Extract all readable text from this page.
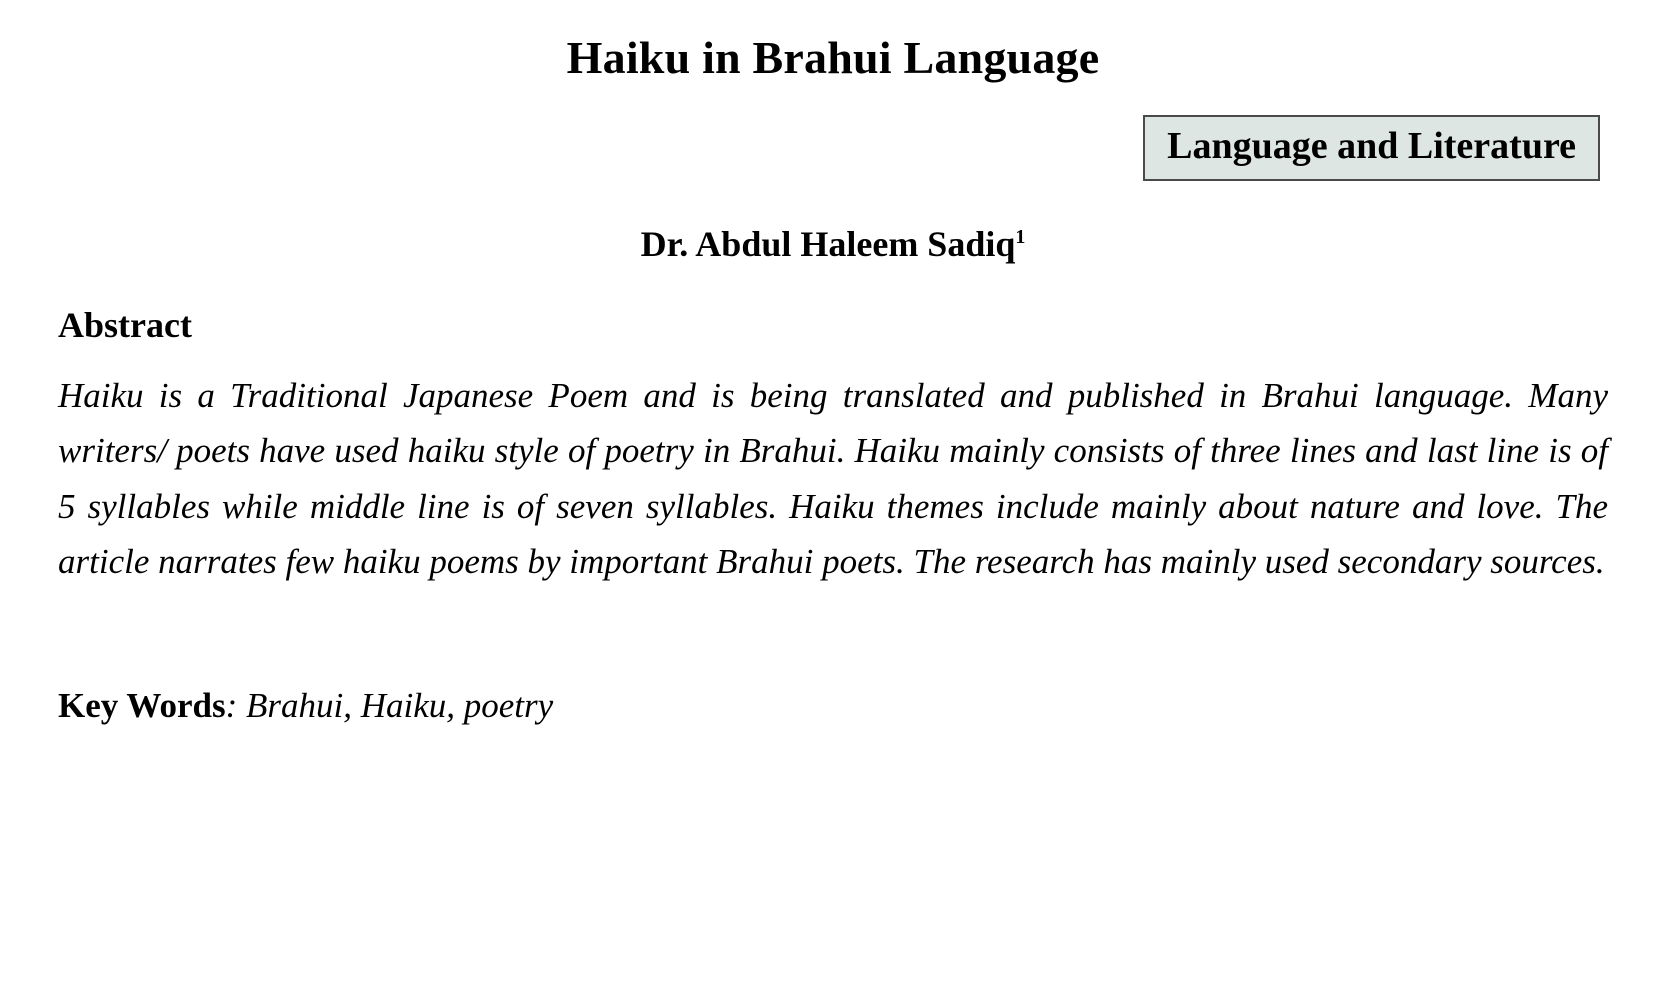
Haiku in Brahui Language
Language and Literature
Dr. Abdul Haleem Sadiq$^1$
Abstract

Haiku is a Traditional Japanese Poem and is being translated and published in Brahui language. Many writers/ poets have used haiku style of poetry in Brahui. Haiku mainly consists of three lines and last line is of 5 syllables while middle line is of seven syllables. Haiku themes include mainly about nature and love. The article narrates few haiku poems by important Brahui poets. The research has mainly used secondary sources.

Key Words: Brahui, Haiku, poetry
